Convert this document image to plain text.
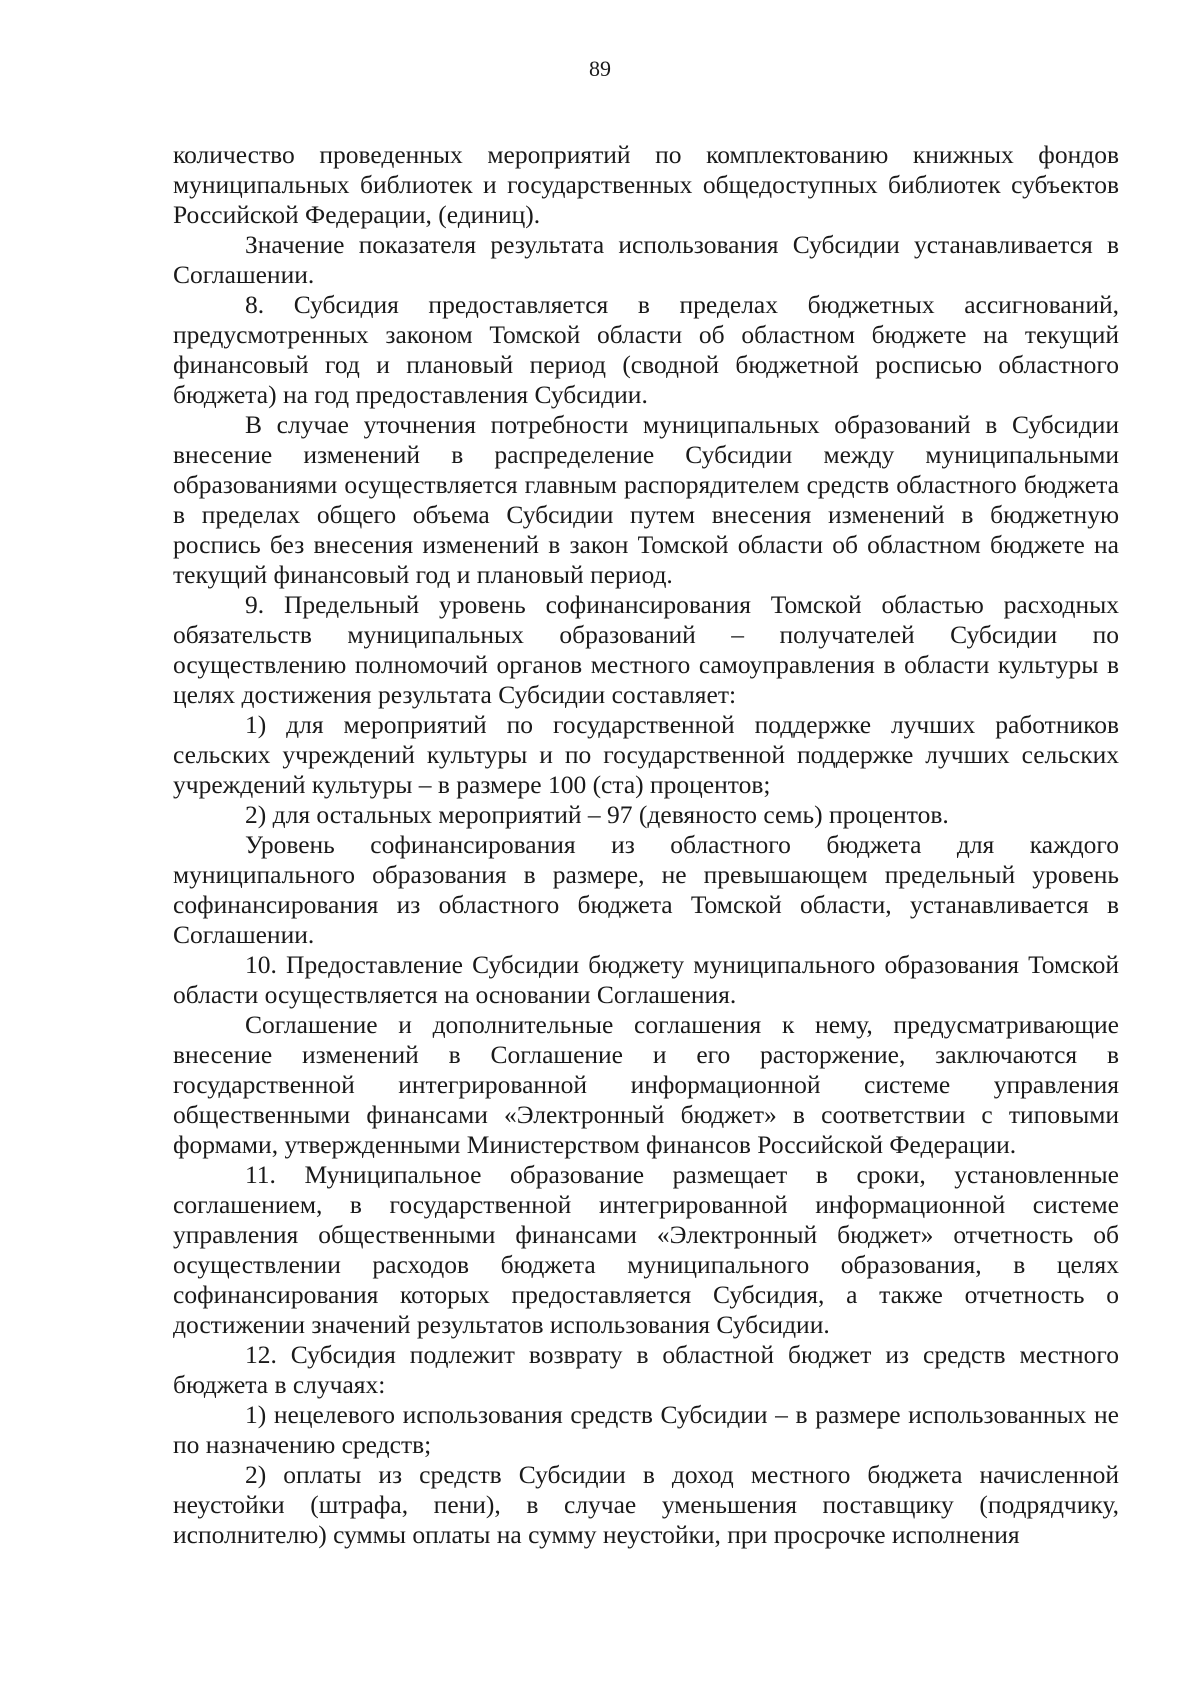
89

количество проведенных мероприятий по комплектованию книжных фондов муниципальных библиотек и государственных общедоступных библиотек субъектов Российской Федерации, (единиц).

Значение показателя результата использования Субсидии устанавливается в Соглашении.

8. Субсидия предоставляется в пределах бюджетных ассигнований, предусмотренных законом Томской области об областном бюджете на текущий финансовый год и плановый период (сводной бюджетной росписью областного бюджета) на год предоставления Субсидии.

В случае уточнения потребности муниципальных образований в Субсидии внесение изменений в распределение Субсидии между муниципальными образованиями осуществляется главным распорядителем средств областного бюджета в пределах общего объема Субсидии путем внесения изменений в бюджетную роспись без внесения изменений в закон Томской области об областном бюджете на текущий финансовый год и плановый период.

9. Предельный уровень софинансирования Томской областью расходных обязательств муниципальных образований – получателей Субсидии по осуществлению полномочий органов местного самоуправления в области культуры в целях достижения результата Субсидии составляет:

1) для мероприятий по государственной поддержке лучших работников сельских учреждений культуры и по государственной поддержке лучших сельских учреждений культуры – в размере 100 (ста) процентов;

2) для остальных мероприятий – 97 (девяносто семь) процентов.

Уровень софинансирования из областного бюджета для каждого муниципального образования в размере, не превышающем предельный уровень софинансирования из областного бюджета Томской области, устанавливается в Соглашении.

10. Предоставление Субсидии бюджету муниципального образования Томской области осуществляется на основании Соглашения.

Соглашение и дополнительные соглашения к нему, предусматривающие внесение изменений в Соглашение и его расторжение, заключаются в государственной интегрированной информационной системе управления общественными финансами «Электронный бюджет» в соответствии с типовыми формами, утвержденными Министерством финансов Российской Федерации.

11. Муниципальное образование размещает в сроки, установленные соглашением, в государственной интегрированной информационной системе управления общественными финансами «Электронный бюджет» отчетность об осуществлении расходов бюджета муниципального образования, в целях софинансирования которых предоставляется Субсидия, а также отчетность о достижении значений результатов использования Субсидии.

12. Субсидия подлежит возврату в областной бюджет из средств местного бюджета в случаях:

1) нецелевого использования средств Субсидии – в размере использованных не по назначению средств;

2) оплаты из средств Субсидии в доход местного бюджета начисленной неустойки (штрафа, пени), в случае уменьшения поставщику (подрядчику, исполнителю) суммы оплаты на сумму неустойки, при просрочке исполнения
